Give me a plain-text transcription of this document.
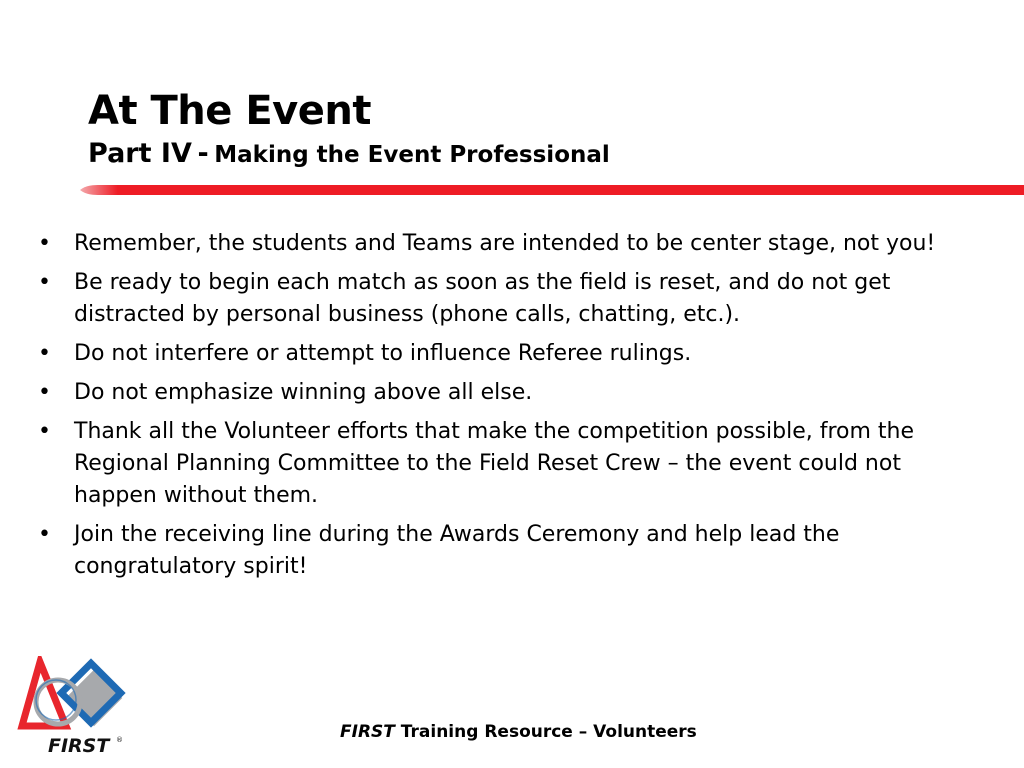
At The Event
Part IV - Making the Event Professional
• Remember, the students and Teams are intended to be center stage, not you!
• Be ready to begin each match as soon as the field is reset, and do not get distracted by personal business (phone calls, chatting, etc.).
• Do not interfere or attempt to influence Referee rulings.
• Do not emphasize winning above all else.
• Thank all the Volunteer efforts that make the competition possible, from the Regional Planning Committee to the Field Reset Crew – the event could not happen without them.
• Join the receiving line during the Awards Ceremony and help lead the congratulatory spirit!
FIRST ®	FIRST Training Resource – Volunteers
